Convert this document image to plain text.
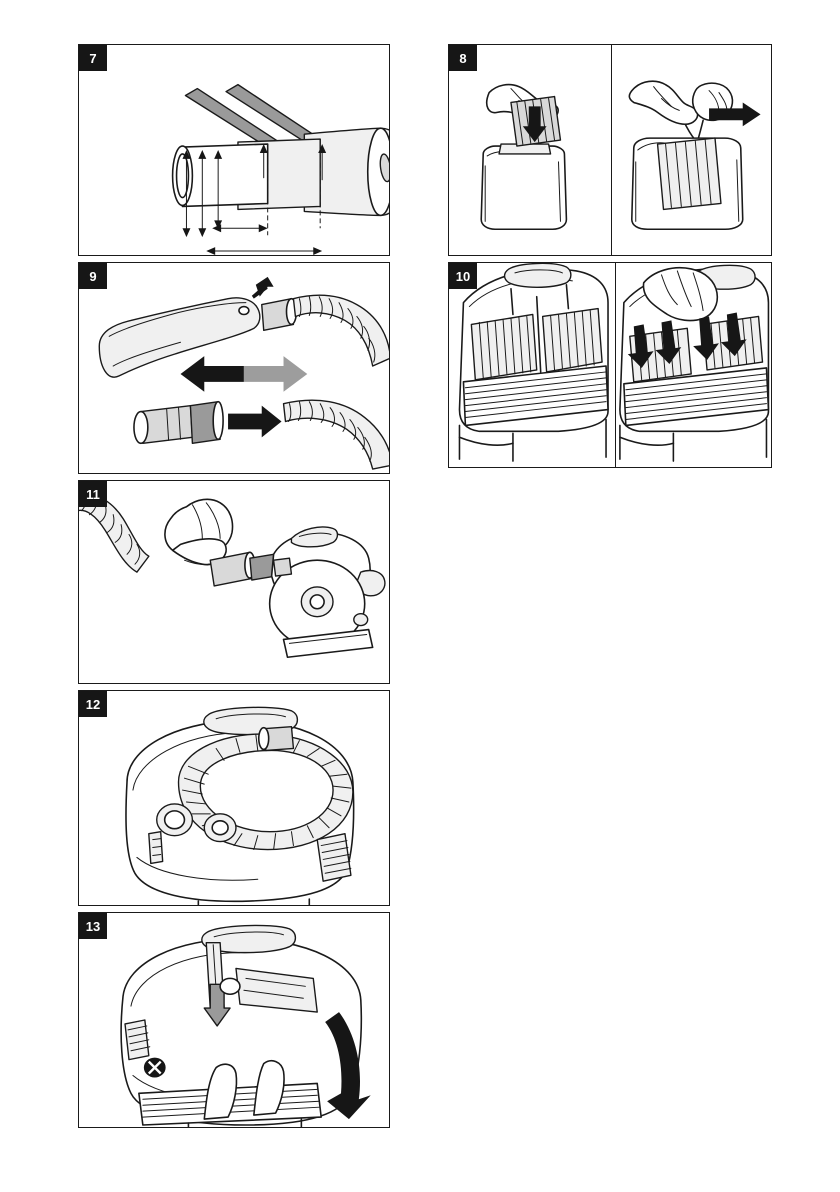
7	8
9	10
11
12
13
